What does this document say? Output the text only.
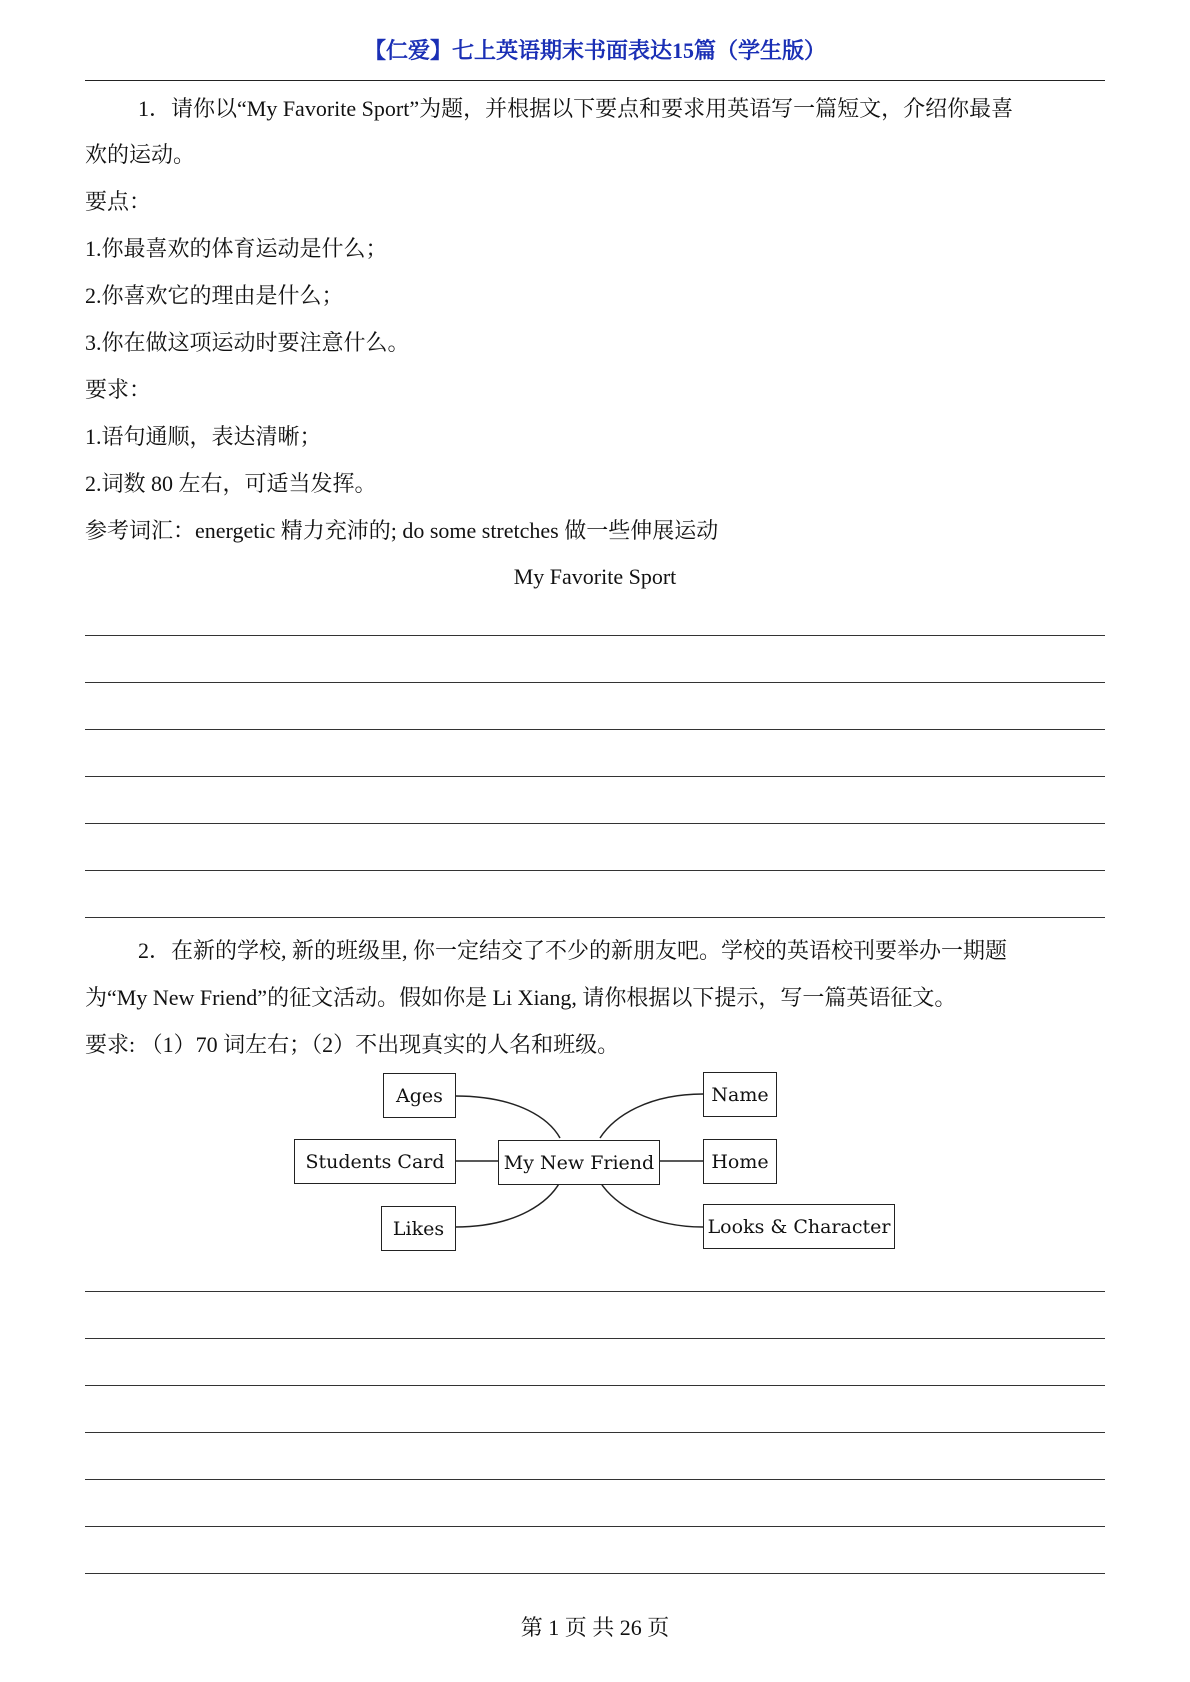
【仁爱】七上英语期末书面表达15篇（学生版）
1．请你以“My Favorite Sport”为题，并根据以下要点和要求用英语写一篇短文，介绍你最喜
欢的运动。
要点：
1.你最喜欢的体育运动是什么；
2.你喜欢它的理由是什么；
3.你在做这项运动时要注意什么。
要求：
1.语句通顺，表达清晰；
2.词数 80 左右，可适当发挥。
参考词汇：energetic 精力充沛的; do some stretches 做一些伸展运动
My Favorite Sport
2．在新的学校, 新的班级里, 你一定结交了不少的新朋友吧。学校的英语校刊要举办一期题
为“My New Friend”的征文活动。假如你是 Li Xiang, 请你根据以下提示，写一篇英语征文。
要求: （1）70 词左右；（2）不出现真实的人名和班级。
Ages
Students Card
Likes
My New Friend
Name
Home
Looks & Character
第 1 页 共 26 页
